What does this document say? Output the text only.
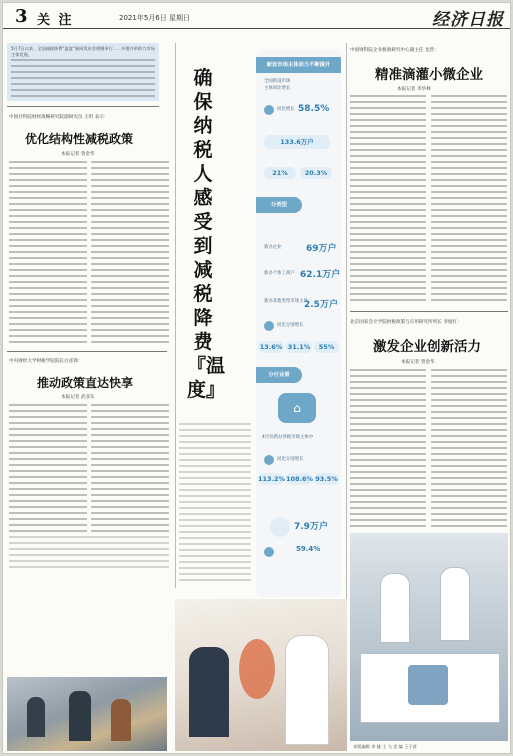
3 关 注	2021年5月6日 星期日	经济日报
5月7日以来，全国减税降费“温度”新闻发布会相继举行……多措并举助力市场主体发展。
中国社科院财经战略研究院副研究员 王玥 表示：
优化结构性减税政策
本报记者 曾金华
中央财经大学财税学院院长白彦锋：
推动政策直达快享
本报记者 武亚东
确保纳税人感受到减税降费『温度』
新设市场主体活力不断提升
全国新设市场
主体同比增长
同比增长 58.5%
133.6万户
21%	20.3%
分类型
新办企业	69万户
新办个体工商户 62.1万户
新办其他类型市场主体
2.5万户
同比分别增长
13.6% 31.1%	55%
分行业看
⌂
4月份新办涉税市场主体中
同比分别增长
113.2% 108.6% 93.5%
7.9万户
59.4%
中国财科院企业税收研究中心副主任 龙营：
精准滴灌小微企业
本报记者 李华林
北京国家会计学院财税政策与应用研究所所长 李旭红：
激发企业创新活力
本报记者 曾金华
本版编辑 李 婕 王 飞 美 编 王子萱
